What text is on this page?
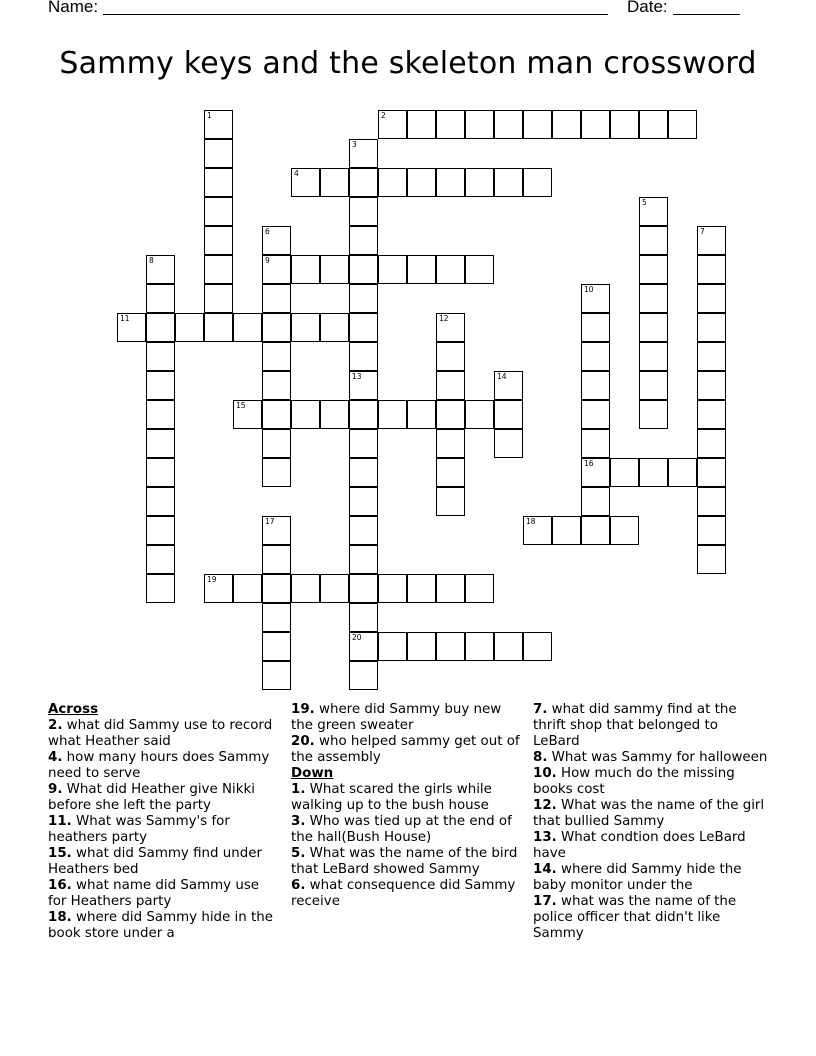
Name:	Date:
Sammy keys and the skeleton man crossword
1	2
3
4
5
6
9
7
8
10
16
11	12
13
20
14
15
17	18
19
Across
2. what did Sammy use to record what Heather said
4. how many hours does Sammy need to serve
9. What did Heather give Nikki before she left the party
11. What was Sammy's for heathers party
15. what did Sammy find under Heathers bed
16. what name did Sammy use for Heathers party
18. where did Sammy hide in the book store under a
19. where did Sammy buy new the green sweater
20. who helped sammy get out of the assembly
Down
1. What scared the girls while walking up to the bush house
3. Who was tied up at the end of the hall(Bush House)
5. What was the name of the bird that LeBard showed Sammy
6. what consequence did Sammy receive
7. what did sammy find at the thrift shop that belonged to LeBard
8. What was Sammy for halloween
10. How much do the missing books cost
12. What was the name of the girl that bullied Sammy
13. What condtion does LeBard have
14. where did Sammy hide the baby monitor under the
17. what was the name of the police officer that didn't like Sammy
